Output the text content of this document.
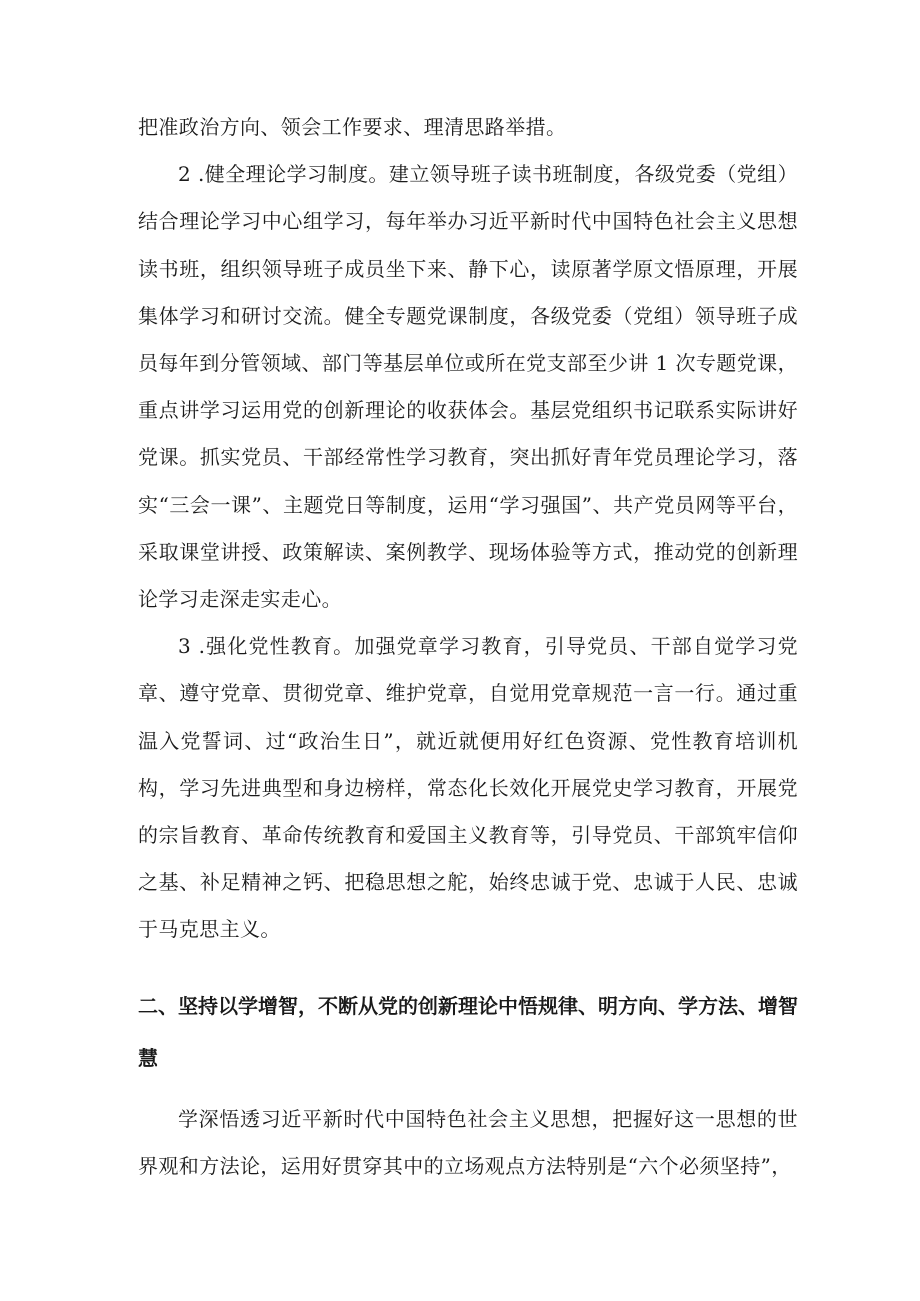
把准政治方向、领会工作要求、理清思路举措。

2 .健全理论学习制度。建立领导班子读书班制度，各级党委（党组）结合理论学习中心组学习，每年举办习近平新时代中国特色社会主义思想读书班，组织领导班子成员坐下来、静下心，读原著学原文悟原理，开展集体学习和研讨交流。健全专题党课制度，各级党委（党组）领导班子成员每年到分管领域、部门等基层单位或所在党支部至少讲 1 次专题党课，重点讲学习运用党的创新理论的收获体会。基层党组织书记联系实际讲好党课。抓实党员、干部经常性学习教育，突出抓好青年党员理论学习，落实“三会一课”、主题党日等制度，运用“学习强国”、共产党员网等平台，采取课堂讲授、政策解读、案例教学、现场体验等方式，推动党的创新理论学习走深走实走心。

3 .强化党性教育。加强党章学习教育，引导党员、干部自觉学习党章、遵守党章、贯彻党章、维护党章，自觉用党章规范一言一行。通过重温入党誓词、过“政治生日”，就近就便用好红色资源、党性教育培训机构，学习先进典型和身边榜样，常态化长效化开展党史学习教育，开展党的宗旨教育、革命传统教育和爱国主义教育等，引导党员、干部筑牢信仰之基、补足精神之钙、把稳思想之舵，始终忠诚于党、忠诚于人民、忠诚于马克思主义。

二、坚持以学增智，不断从党的创新理论中悟规律、明方向、学方法、增智慧

学深悟透习近平新时代中国特色社会主义思想，把握好这一思想的世界观和方法论，运用好贯穿其中的立场观点方法特别是“六个必须坚持”，
